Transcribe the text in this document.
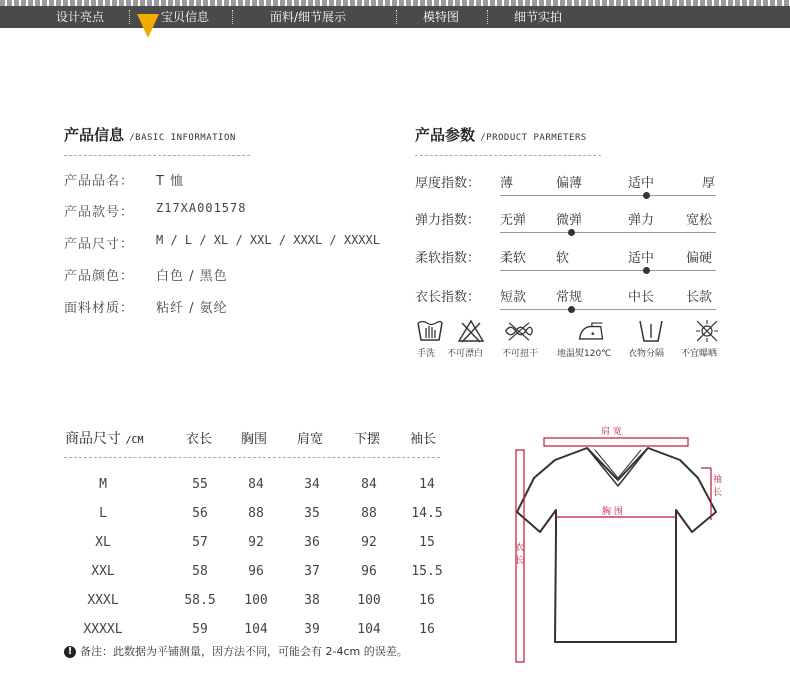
设计亮点	宝贝信息	面料/细节展示	模特图	细节实拍
产品信息 /BASIC INFORMATION
产品品名： T 恤
产品款号： Z17XA001578
产品尺寸： M / L / XL / XXL / XXXL / XXXXL
产品颜色： 白色 / 黑色
面料材质： 粘纤 / 氨纶
产品参数 /PRODUCT PARMETERS
厚度指数： 薄	偏薄	适中	厚
弹力指数： 无弹 微弹	弹力 宽松
柔软指数： 柔软 软	适中 偏硬
衣长指数： 短款 常规	中长 长款
手洗 不可漂白 不可扭干 地温熨120℃ 衣物分隔 不宜曝晒
商品尺寸 /CM	衣长 胸围 肩宽 下摆 袖长
M	55	84	34	84	14
L	56	88	35	88	14.5
XL	57	92	36	92	15
XXL	58	96	37	96	15.5
XXXL	58.5	100	38	100	16
XXXXL	59	104	39	104	16
! 备注：此数据为平铺测量，因方法不同，可能会有 2-4cm 的误差。
肩 宽
胸 围
袖
长
衣
长
